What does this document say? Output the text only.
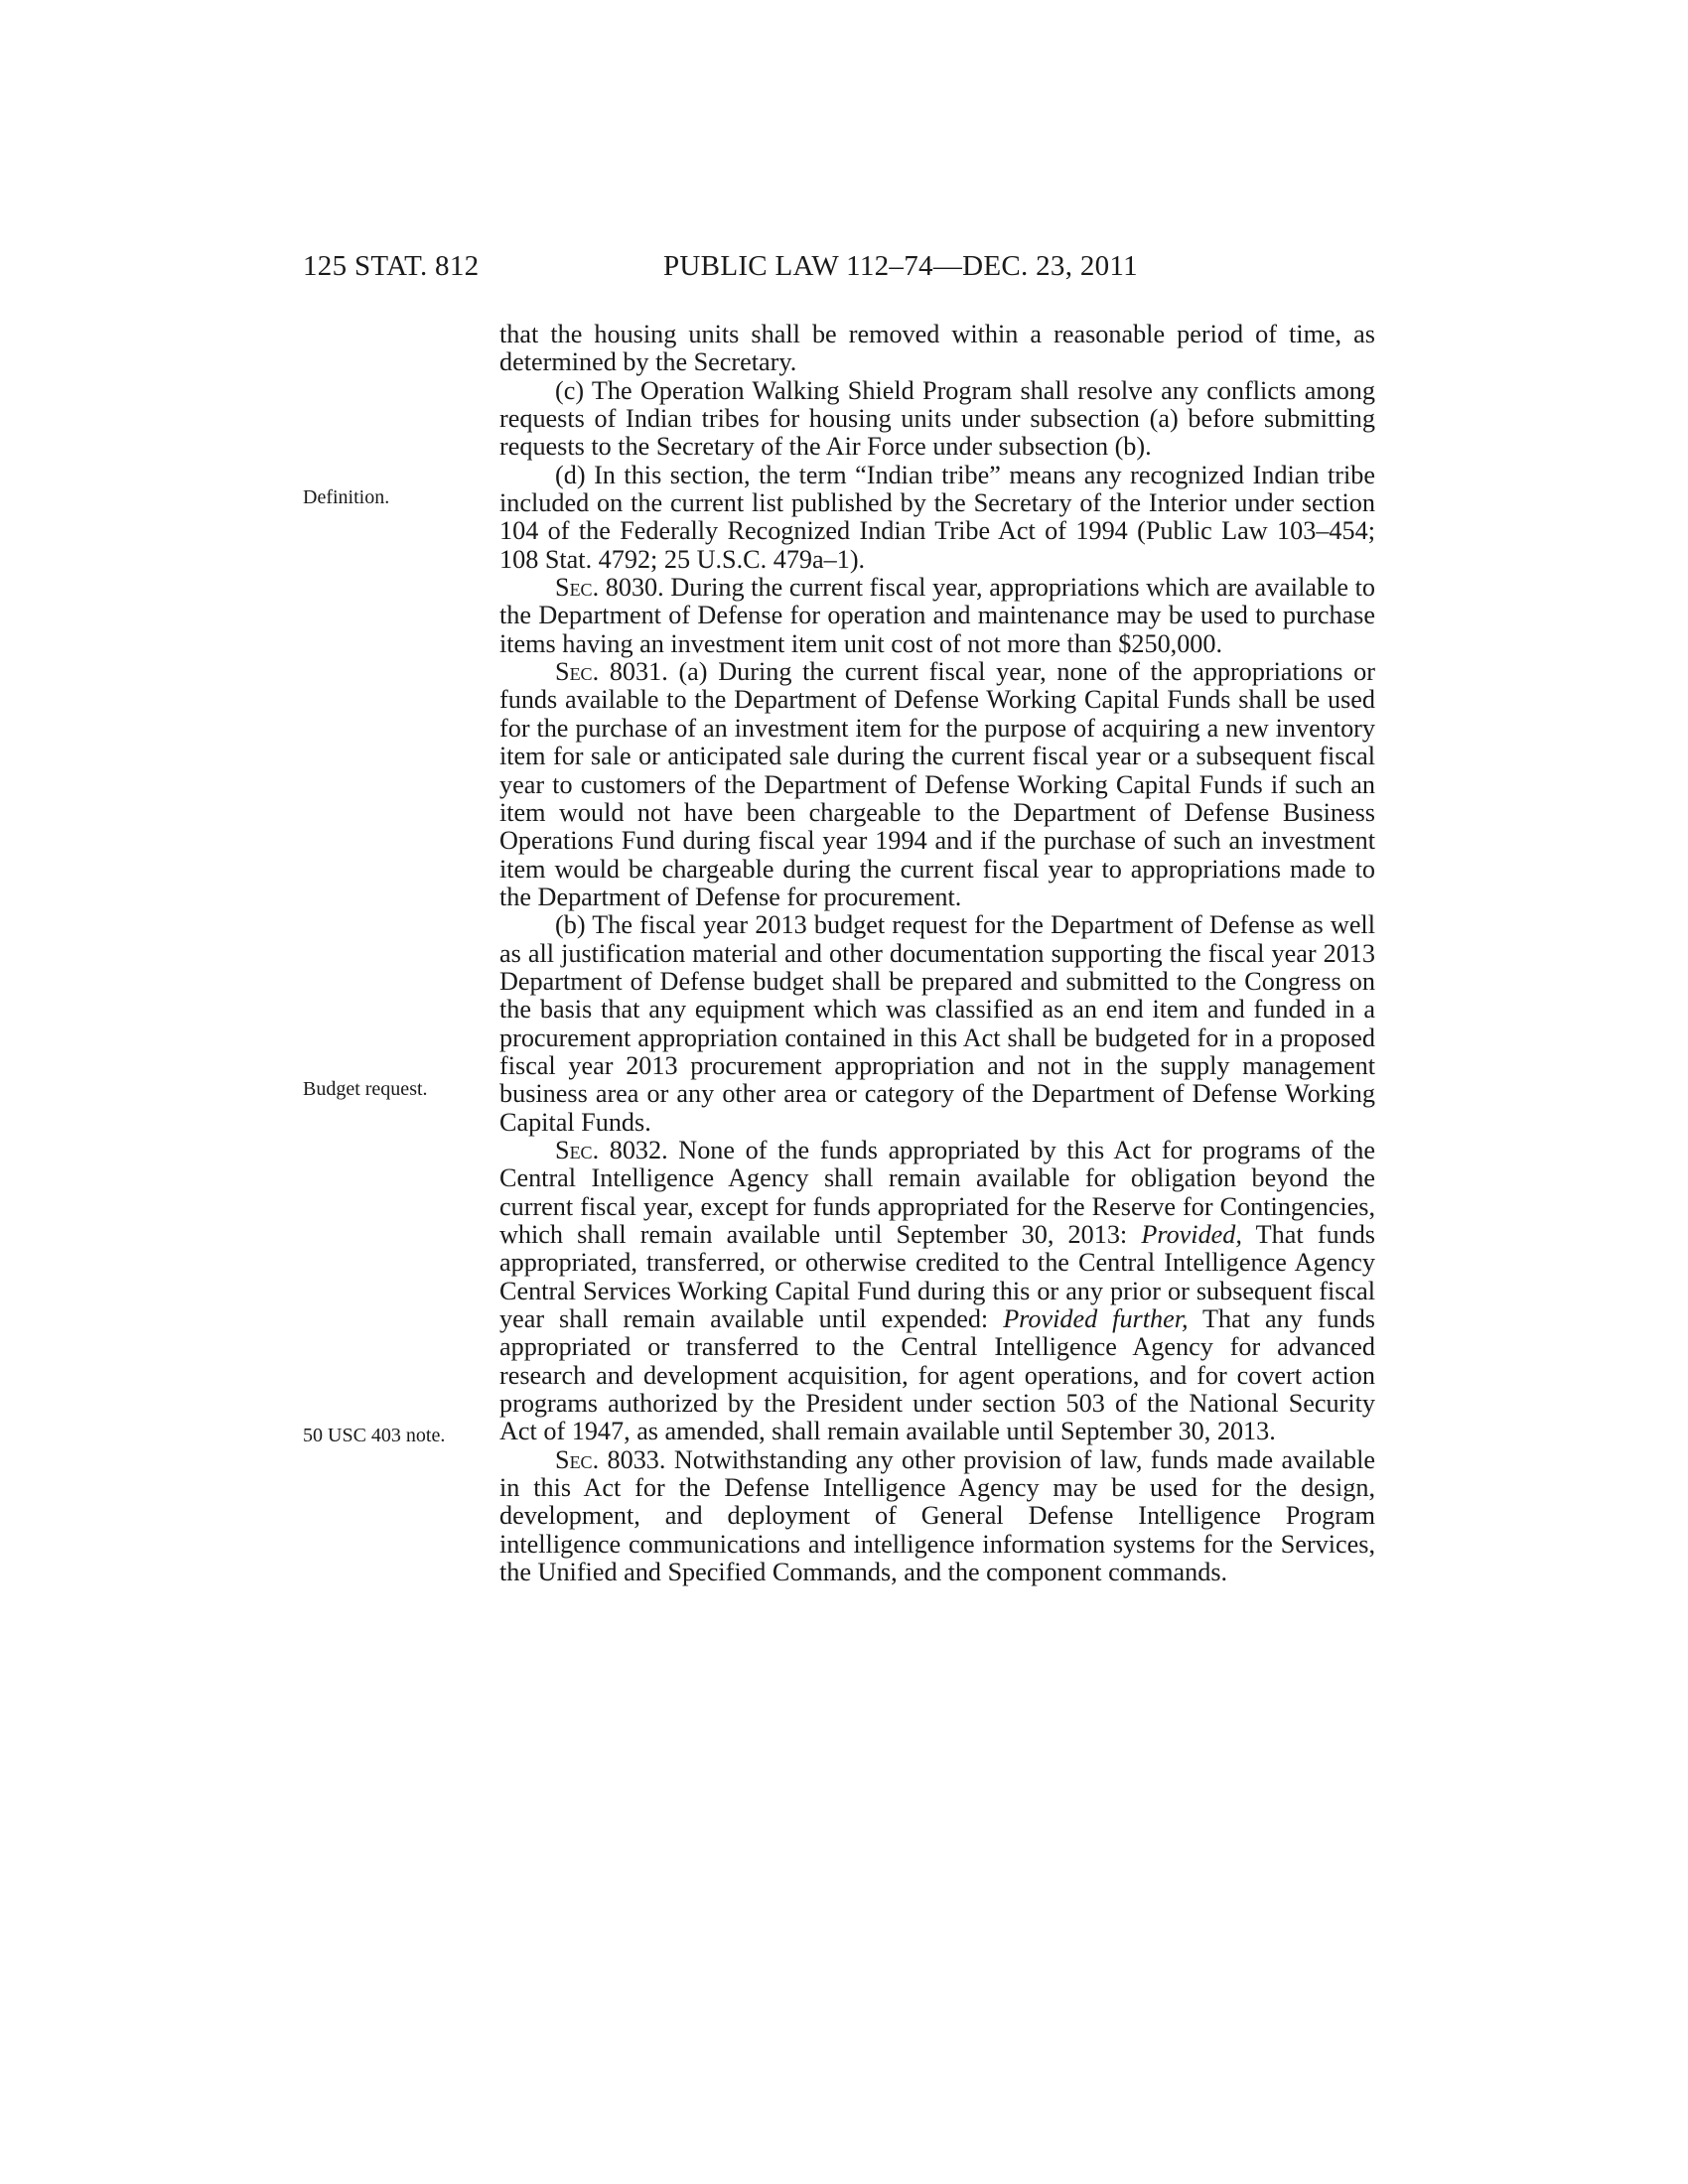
125 STAT. 812	PUBLIC LAW 112–74—DEC. 23, 2011
Definition.
Budget request.
50 USC 403 note.

that the housing units shall be removed within a reasonable period of time, as determined by the Secretary.

(c) The Operation Walking Shield Program shall resolve any conflicts among requests of Indian tribes for housing units under subsection (a) before submitting requests to the Secretary of the Air Force under subsection (b).

(d) In this section, the term “Indian tribe” means any recognized Indian tribe included on the current list published by the Secretary of the Interior under section 104 of the Federally Recognized Indian Tribe Act of 1994 (Public Law 103–454; 108 Stat. 4792; 25 U.S.C. 479a–1).

Sec. 8030. During the current fiscal year, appropriations which are available to the Department of Defense for operation and maintenance may be used to purchase items having an investment item unit cost of not more than $250,000.

Sec. 8031. (a) During the current fiscal year, none of the appropriations or funds available to the Department of Defense Working Capital Funds shall be used for the purchase of an investment item for the purpose of acquiring a new inventory item for sale or anticipated sale during the current fiscal year or a subsequent fiscal year to customers of the Department of Defense Working Capital Funds if such an item would not have been chargeable to the Department of Defense Business Operations Fund during fiscal year 1994 and if the purchase of such an investment item would be chargeable during the current fiscal year to appropriations made to the Department of Defense for procurement.

(b) The fiscal year 2013 budget request for the Department of Defense as well as all justification material and other documentation supporting the fiscal year 2013 Department of Defense budget shall be prepared and submitted to the Congress on the basis that any equipment which was classified as an end item and funded in a procurement appropriation contained in this Act shall be budgeted for in a proposed fiscal year 2013 procurement appropriation and not in the supply management business area or any other area or category of the Department of Defense Working Capital Funds.

Sec. 8032. None of the funds appropriated by this Act for programs of the Central Intelligence Agency shall remain available for obligation beyond the current fiscal year, except for funds appropriated for the Reserve for Contingencies, which shall remain available until September 30, 2013: Provided, That funds appropriated, transferred, or otherwise credited to the Central Intelligence Agency Central Services Working Capital Fund during this or any prior or subsequent fiscal year shall remain available until expended: Provided further, That any funds appropriated or transferred to the Central Intelligence Agency for advanced research and development acquisition, for agent operations, and for covert action programs authorized by the President under section 503 of the National Security Act of 1947, as amended, shall remain available until September 30, 2013.

Sec. 8033. Notwithstanding any other provision of law, funds made available in this Act for the Defense Intelligence Agency may be used for the design, development, and deployment of General Defense Intelligence Program intelligence communications and intelligence information systems for the Services, the Unified and Specified Commands, and the component commands.
